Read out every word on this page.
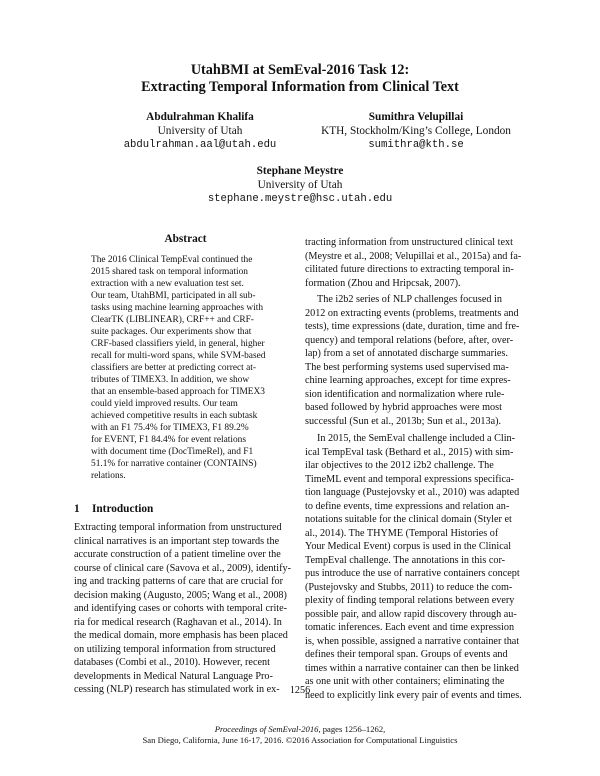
UtahBMI at SemEval-2016 Task 12:
Extracting Temporal Information from Clinical Text
Abdulrahman Khalifa
University of Utah
abdulrahman.aal@utah.edu
Sumithra Velupillai
KTH, Stockholm/King’s College, London
sumithra@kth.se
Stephane Meystre
University of Utah
stephane.meystre@hsc.utah.edu
Abstract
The 2016 Clinical TempEval continued the
2015 shared task on temporal information
extraction with a new evaluation test set.
Our team, UtahBMI, participated in all sub-
tasks using machine learning approaches with
ClearTK (LIBLINEAR), CRF++ and CRF-
suite packages. Our experiments show that
CRF-based classifiers yield, in general, higher
recall for multi-word spans, while SVM-based
classifiers are better at predicting correct at-
tributes of TIMEX3. In addition, we show
that an ensemble-based approach for TIMEX3
could yield improved results. Our team
achieved competitive results in each subtask
with an F1 75.4% for TIMEX3, F1 89.2%
for EVENT, F1 84.4% for event relations
with document time (DocTimeRel), and F1
51.1% for narrative container (CONTAINS)
relations.
1 Introduction
Extracting temporal information from unstructured
clinical narratives is an important step towards the
accurate construction of a patient timeline over the
course of clinical care (Savova et al., 2009), identify-
ing and tracking patterns of care that are crucial for
decision making (Augusto, 2005; Wang et al., 2008)
and identifying cases or cohorts with temporal crite-
ria for medical research (Raghavan et al., 2014). In
the medical domain, more emphasis has been placed
on utilizing temporal information from structured
databases (Combi et al., 2010). However, recent
developments in Medical Natural Language Pro-
cessing (NLP) research has stimulated work in ex-
tracting information from unstructured clinical text
(Meystre et al., 2008; Velupillai et al., 2015a) and fa-
cilitated future directions to extracting temporal in-
formation (Zhou and Hripcsak, 2007).
The i2b2 series of NLP challenges focused in
2012 on extracting events (problems, treatments and
tests), time expressions (date, duration, time and fre-
quency) and temporal relations (before, after, over-
lap) from a set of annotated discharge summaries.
The best performing systems used supervised ma-
chine learning approaches, except for time expres-
sion identification and normalization where rule-
based followed by hybrid approaches were most
successful (Sun et al., 2013b; Sun et al., 2013a).
In 2015, the SemEval challenge included a Clin-
ical TempEval task (Bethard et al., 2015) with sim-
ilar objectives to the 2012 i2b2 challenge. The
TimeML event and temporal expressions specifica-
tion language (Pustejovsky et al., 2010) was adapted
to define events, time expressions and relation an-
notations suitable for the clinical domain (Styler et
al., 2014). The THYME (Temporal Histories of
Your Medical Event) corpus is used in the Clinical
TempEval challenge. The annotations in this cor-
pus introduce the use of narrative containers concept
(Pustejovsky and Stubbs, 2011) to reduce the com-
plexity of finding temporal relations between every
possible pair, and allow rapid discovery through au-
tomatic inferences. Each event and time expression
is, when possible, assigned a narrative container that
defines their temporal span. Groups of events and
times within a narrative container can then be linked
as one unit with other containers; eliminating the
need to explicitly link every pair of events and times.
1256
Proceedings of SemEval-2016, pages 1256–1262,
San Diego, California, June 16-17, 2016. ©2016 Association for Computational Linguistics
